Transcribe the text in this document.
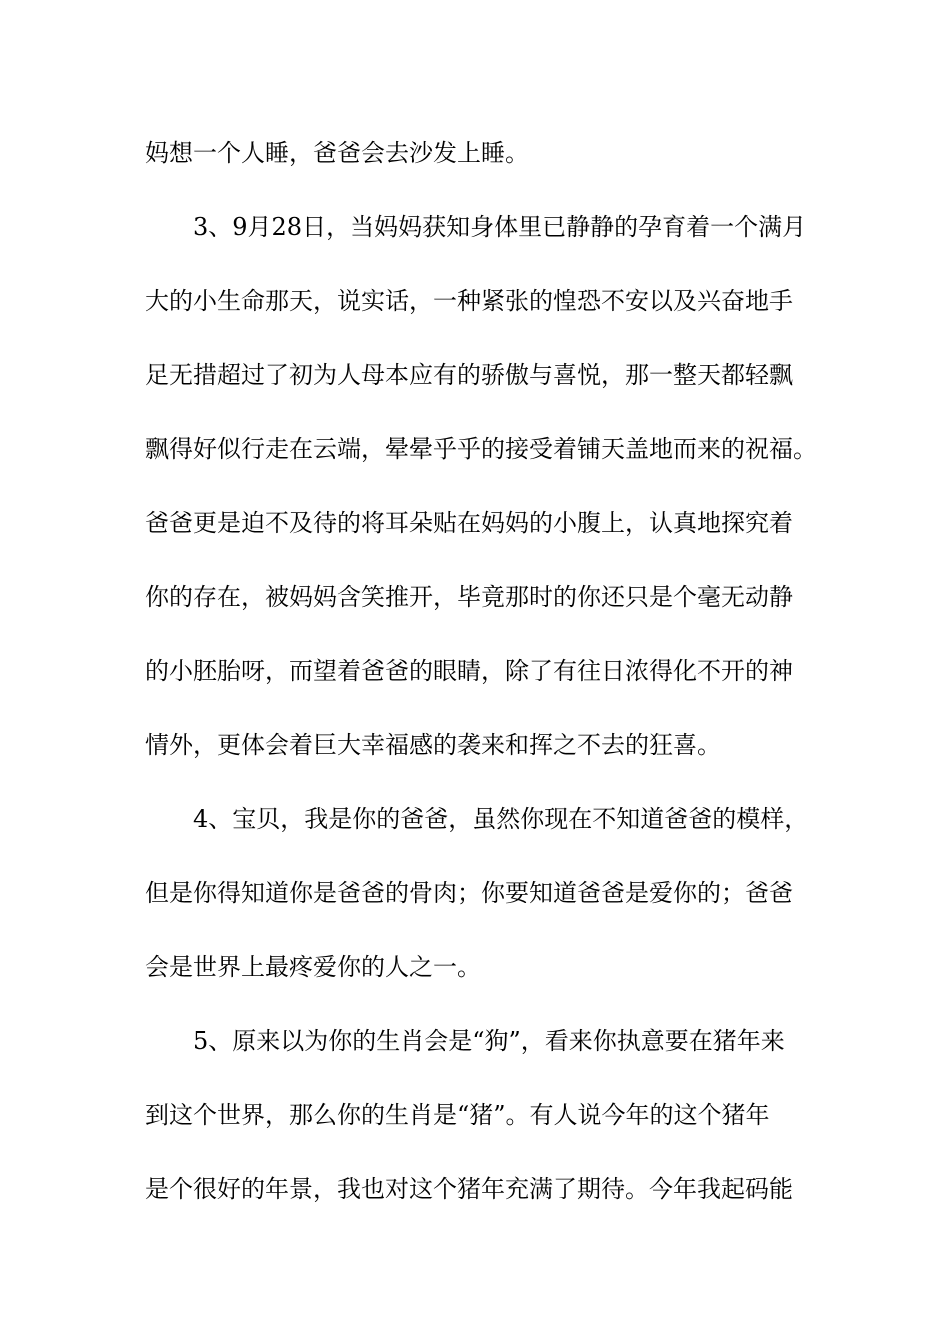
妈想一个人睡，爸爸会去沙发上睡。
3、9月28日，当妈妈获知身体里已静静的孕育着一个满月
大的小生命那天，说实话，一种紧张的惶恐不安以及兴奋地手
足无措超过了初为人母本应有的骄傲与喜悦，那一整天都轻飘
飘得好似行走在云端，晕晕乎乎的接受着铺天盖地而来的祝福。
爸爸更是迫不及待的将耳朵贴在妈妈的小腹上，认真地探究着
你的存在，被妈妈含笑推开，毕竟那时的你还只是个毫无动静
的小胚胎呀，而望着爸爸的眼睛，除了有往日浓得化不开的神
情外，更体会着巨大幸福感的袭来和挥之不去的狂喜。
4、宝贝，我是你的爸爸，虽然你现在不知道爸爸的模样，
但是你得知道你是爸爸的骨肉；你要知道爸爸是爱你的；爸爸
会是世界上最疼爱你的人之一。
5、原来以为你的生肖会是“狗”，看来你执意要在猪年来
到这个世界，那么你的生肖是“猪”。有人说今年的这个猪年
是个很好的年景，我也对这个猪年充满了期待。今年我起码能
